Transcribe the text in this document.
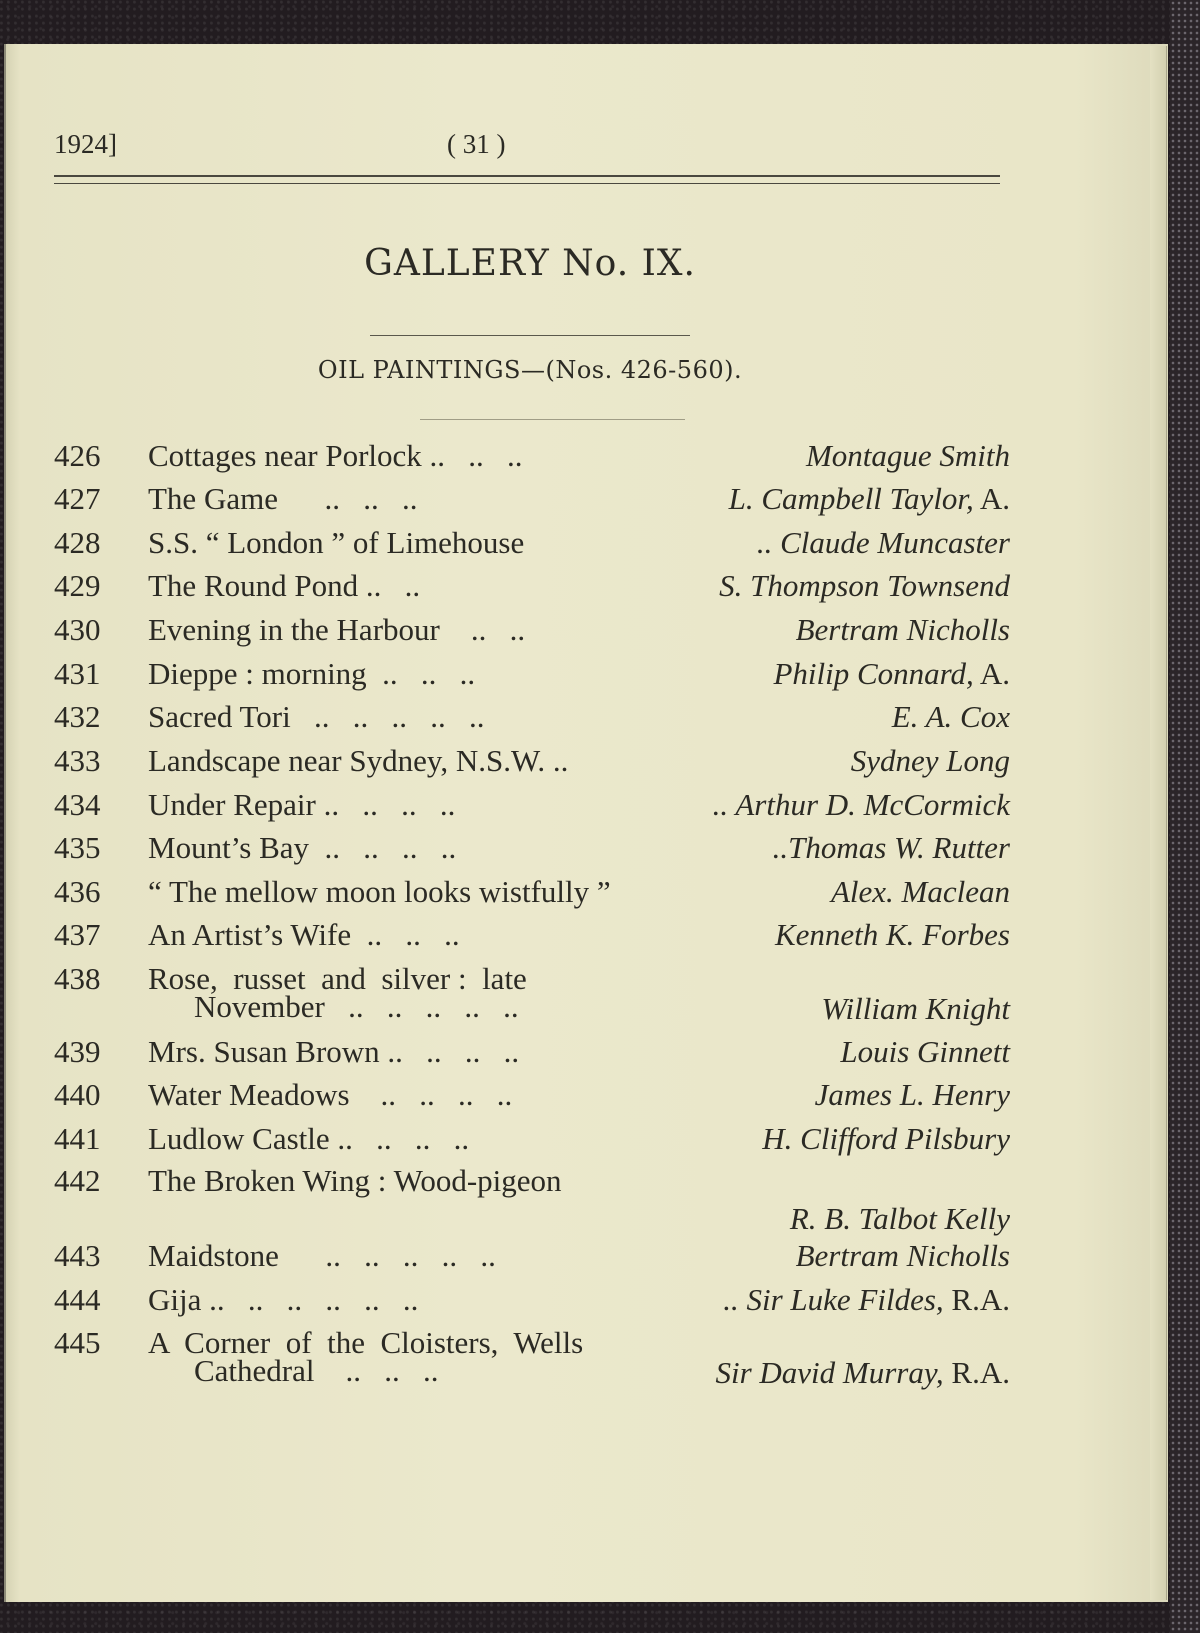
1924]	( 31 )
GALLERY No. IX.
OIL PAINTINGS—(Nos. 426-560).
426	Cottages near Porlock ..   ..   ..	Montague Smith
427	The Game      ..   ..   ..	L. Campbell Taylor, A.
428	S.S. “ London ” of Limehouse	.. Claude Muncaster
429	The Round Pond ..   ..	S. Thompson Townsend
430	Evening in the Harbour    ..   ..	Bertram Nicholls
431	Dieppe : morning  ..   ..   ..	Philip Connard, A.
432	Sacred Tori   ..   ..   ..   ..   ..	E. A. Cox
433	Landscape near Sydney, N.S.W. ..	Sydney Long
434	Under Repair ..   ..   ..   ..	.. Arthur D. McCormick
435	Mount’s Bay  ..   ..   ..   ..	..Thomas W. Rutter
436	“ The mellow moon looks wistfully ”	Alex. Maclean
437	An Artist’s Wife  ..   ..   ..	Kenneth K. Forbes
438	Rose,  russet  and  silver :  late
November   ..   ..   ..   ..   ..	William Knight
439	Mrs. Susan Brown ..   ..   ..   ..	Louis Ginnett
440	Water Meadows    ..   ..   ..   ..	James L. Henry
441	Ludlow Castle ..   ..   ..   ..	H. Clifford Pilsbury
442	The Broken Wing : Wood-pigeon
R. B. Talbot Kelly
443	Maidstone      ..   ..   ..   ..   ..	Bertram Nicholls
444	Gija ..   ..   ..   ..   ..   ..	.. Sir Luke Fildes, R.A.
445	A  Corner  of  the  Cloisters,  Wells
Cathedral    ..   ..   ..	Sir David Murray, R.A.
